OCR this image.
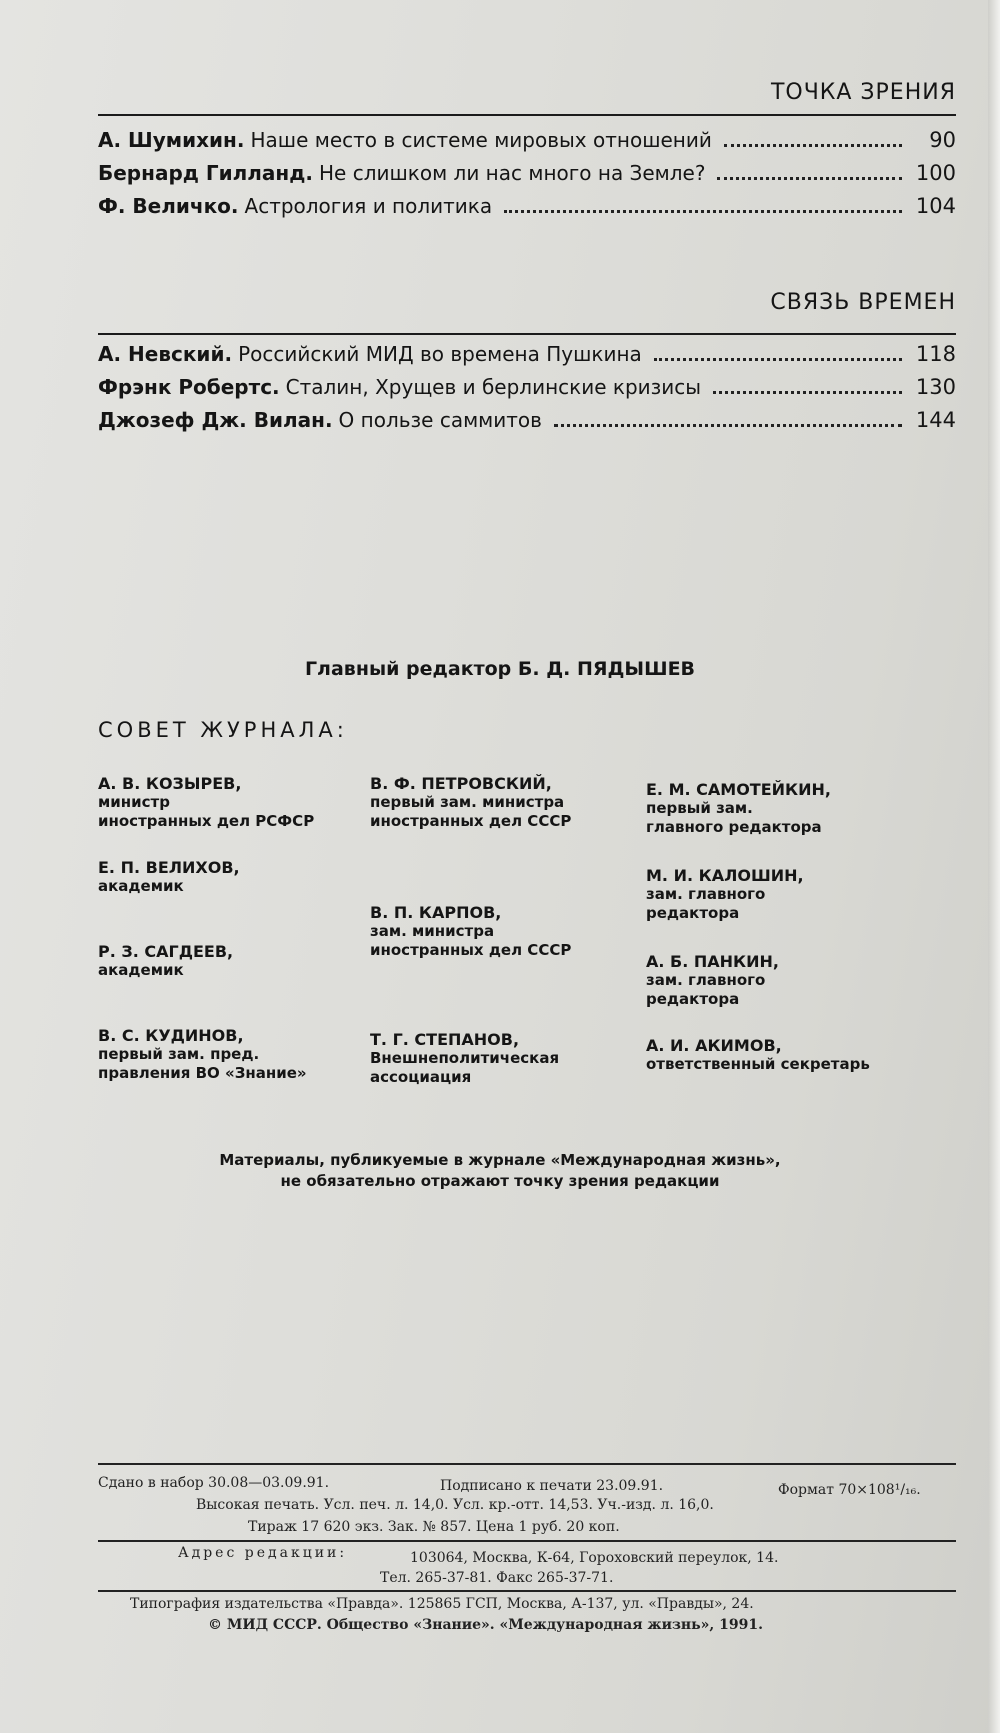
ТОЧКА ЗРЕНИЯ
А. Шумихин. Наше место в системе мировых отношений	90
Бернард Гилланд. Не слишком ли нас много на Земле?	100
Ф. Величко. Астрология и политика	104
СВЯЗЬ ВРЕМЕН
А. Невский. Российский МИД во времена Пушкина	118
Фрэнк Робертс. Сталин, Хрущев и берлинские кризисы	130
Джозеф Дж. Вилан. О пользе саммитов	144
Главный редактор Б. Д. ПЯДЫШЕВ
СОВЕТ ЖУРНАЛА:
А. В. КОЗЫРЕВ,
министр
иностранных дел РСФСР
Е. П. ВЕЛИХОВ,
академик
Р. З. САГДЕЕВ,
академик
В. С. КУДИНОВ,
первый зам. пред.
правления ВО «Знание»
В. Ф. ПЕТРОВСКИЙ,
первый зам. министра
иностранных дел СССР
В. П. КАРПОВ,
зам. министра
иностранных дел СССР
Т. Г. СТЕПАНОВ,
Внешнеполитическая
ассоциация
Е. М. САМОТЕЙКИН,
первый зам.
главного редактора
М. И. КАЛОШИН,
зам. главного
редактора
А. Б. ПАНКИН,
зам. главного
редактора
А. И. АКИМОВ,
ответственный секретарь
Материалы, публикуемые в журнале «Международная жизнь»,
не обязательно отражают точку зрения редакции
Сдано в набор 30.08—03.09.91.	Подписано к печати 23.09.91.	Формат 70×108¹/₁₆.
Высокая печать. Усл. печ. л. 14,0. Усл. кр.-отт. 14,53. Уч.-изд. л. 16,0.
Тираж 17 620 экз. Зак. № 857. Цена 1 руб. 20 коп.
Адрес редакции:	103064, Москва, К-64, Гороховский переулок, 14.
Тел. 265-37-81. Факс 265-37-71.
Типография издательства «Правда». 125865 ГСП, Москва, А-137, ул. «Правды», 24.
© МИД СССР. Общество «Знание». «Международная жизнь», 1991.
